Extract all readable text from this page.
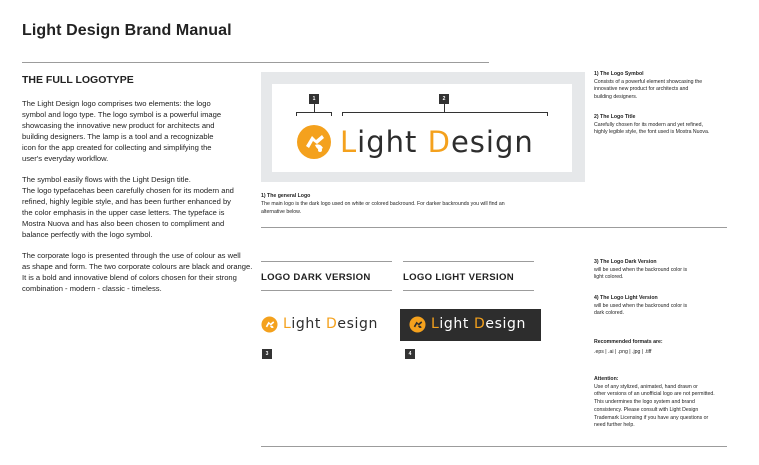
Light Design Brand Manual
THE FULL LOGOTYPE

The Light Design logo comprises two elements: the logo
symbol and logo type. The logo symbol is a powerful image
showcasing the innovative new product for architects and
building designers. The lamp is a tool and a recognizable
icon for the app created for collecting and simplifying the
user's everyday workflow.

The symbol easily flows with the Light Design title.
The logo typefacehas been carefully chosen for its modern and
refined, highly legible style, and has been further enhanced by
the color emphasis in the upper case letters. The typeface is
Mostra Nuova and has also been chosen to compliment and
balance perfectly with the logo symbol.

The corporate logo is presented through the use of colour as well
as shape and form. The two corporate colours are black and orange.
It is a bold and innovative blend of colors chosen for their strong
combination - modern - classic - timeless.

1	2
Light Design
1) The Logo Symbol
Consists of a powerful element showcasing the
innovative new product for architects and
building designers.
2) The Logo Title
Carefully chosen for its modern and yet refined,
highly legible style, the font used is Mostra Nuova.
1) The general Logo
The main logo is the dark logo used on white or colored backround. For darker backrounds you will find an
alternative below.
LOGO DARK VERSION
Light Design
3
LOGO LIGHT VERSION
Light Design
4
3) The Logo Dark Version
will be used when the backround color is
light colored.
4) The Logo Light Version
will be used when the backround color is
dark colored.
Recommended formats are:
.eps | .ai | .png | .jpg | .tiff
Attention:
Use of any stylized, animated, hand drawn or
other versions of an unofficial logo are not permitted.
This undermines the logo system and brand
consistency. Please consult with Light Design
Trademark Licensing if you have any questions or
need further help.
